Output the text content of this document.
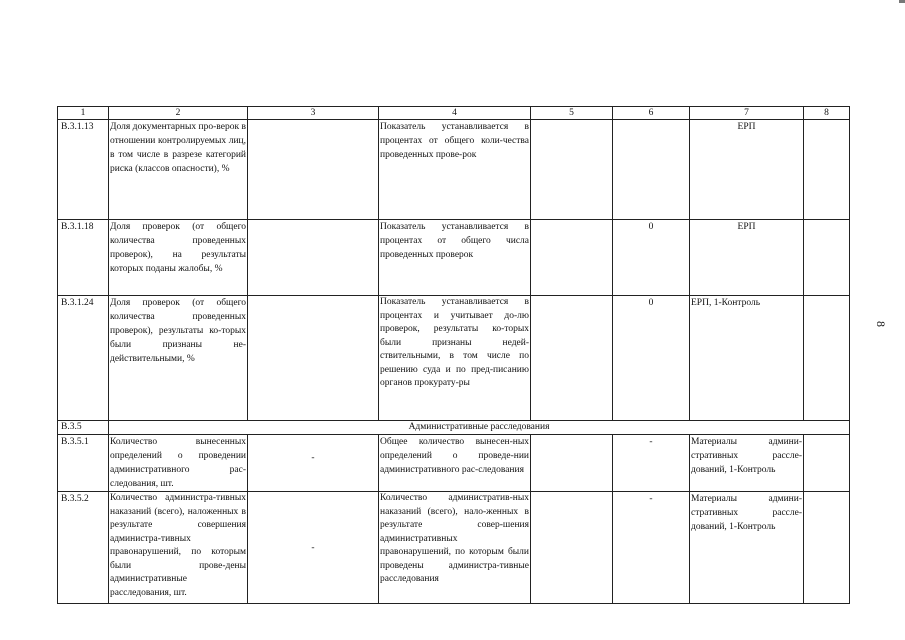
8
1	2	3	4	5	6	7	8
В.3.1.13	Доля документарных про-верок в отношении контролируемых лиц, в том числе в разрезе категорий риска (классов опасности), %		Показатель устанавливается в процентах от общего коли-чества проведенных прове-рок			ЕРП	
В.3.1.18	Доля проверок (от общего количества проведенных проверок), на результаты которых поданы жалобы, %		Показатель устанавливается в процентах от общего числа проведенных проверок		0	ЕРП	
В.3.1.24	Доля проверок (от общего количества проведенных проверок), результаты ко-торых были признаны не-действительными, %		Показатель устанавливается в процентах и учитывает до-лю проверок, результаты ко-торых были признаны недей-ствительными, в том числе по решению суда и по пред-писанию органов прокурату-ры		0	ЕРП, 1-Контроль	
В.3.5	Административные расследования						
В.3.5.1	Количество вынесенных определений о проведении административного рас-следования, шт.	-	Общее количество вынесен-ных определений о проведе-нии административного рас-следования		-	Материалы админи-стративных рассле-дований, 1-Контроль	
В.3.5.2	Количество администра-тивных наказаний (всего), наложенных в результате совершения администра-тивных правонарушений, по которым были прове-дены административные расследования, шт.	-	Количество административ-ных наказаний (всего), нало-женных в результате совер-шения административных правонарушений, по которым были проведены администра-тивные расследования		-	Материалы админи-стративных рассле-дований, 1-Контроль	
